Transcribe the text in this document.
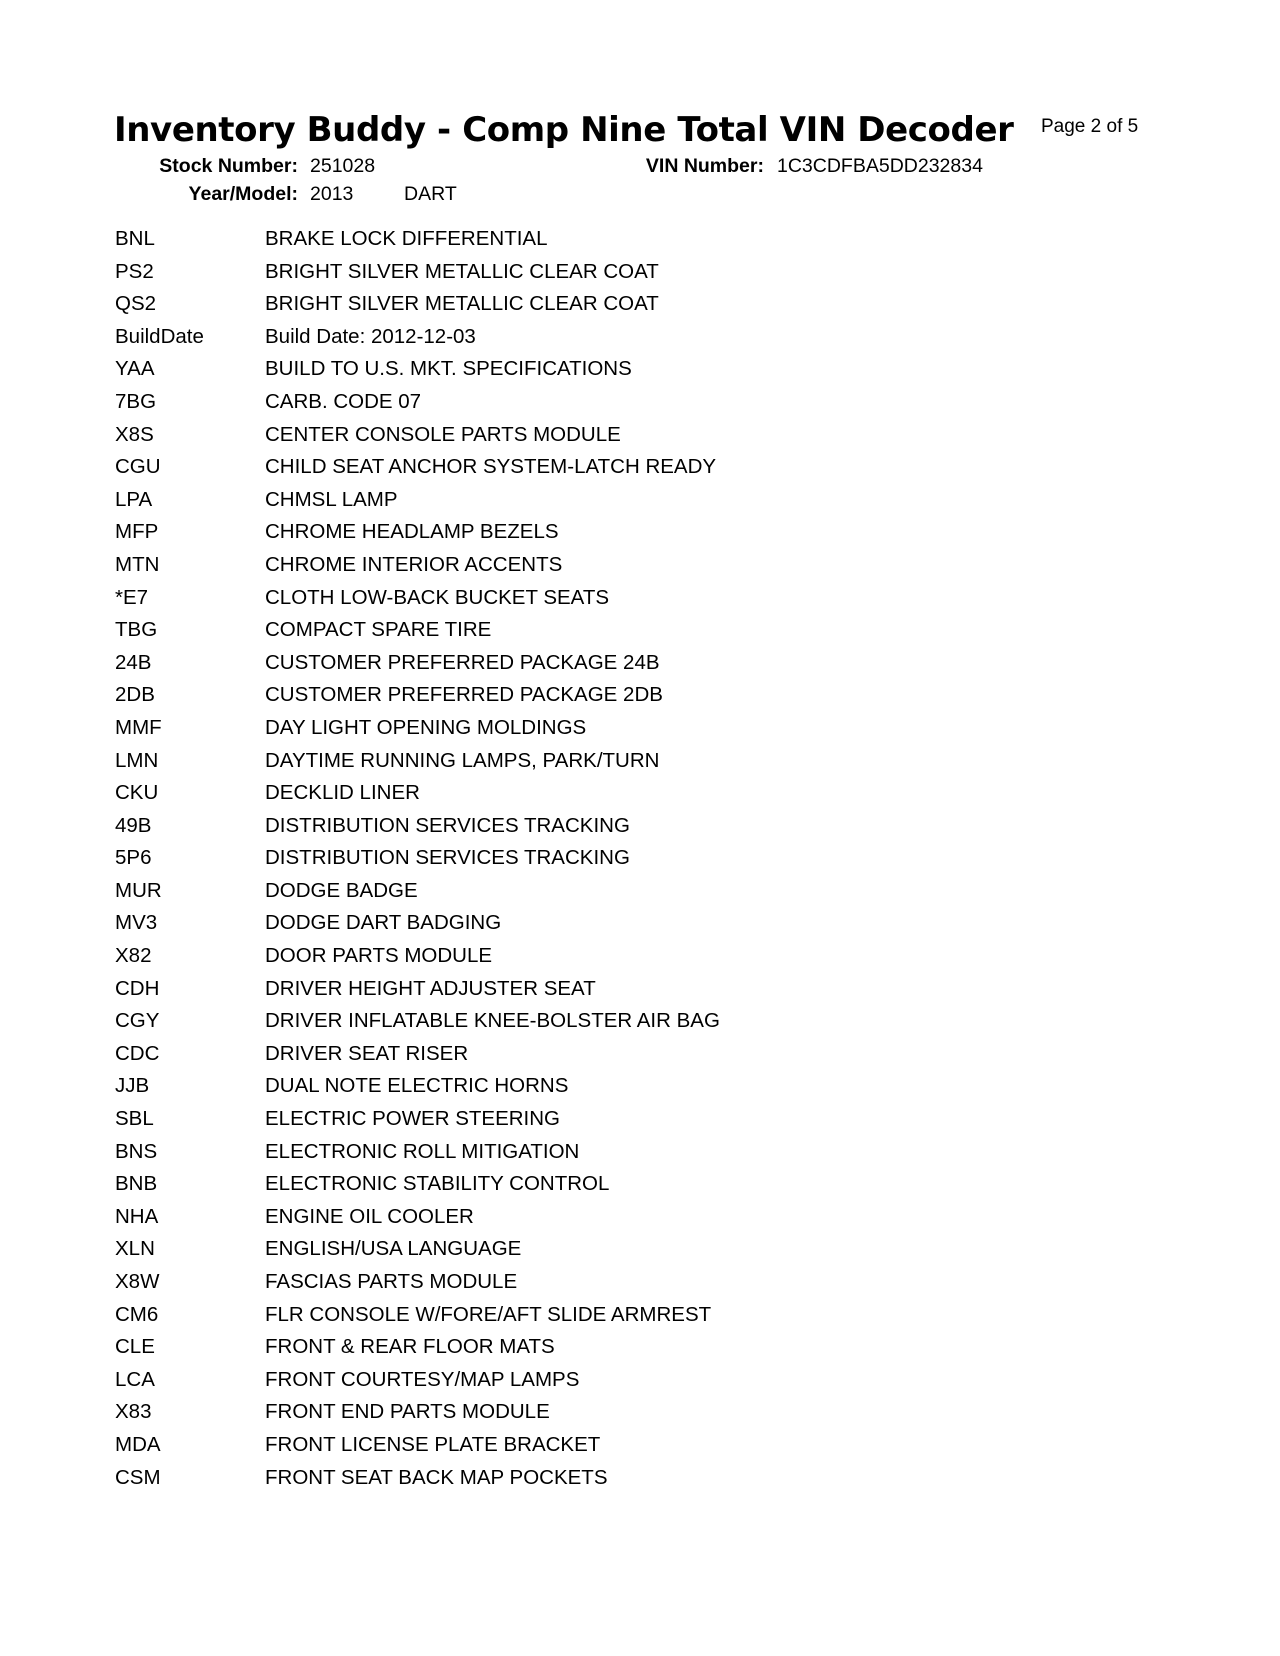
Inventory Buddy - Comp Nine Total VIN Decoder Page 2 of 5
Stock Number: 251028	VIN Number: 1C3CDFBA5DD232834
Year/Model: 2013	DART
BNL	BRAKE LOCK DIFFERENTIAL
PS2	BRIGHT SILVER METALLIC CLEAR COAT
QS2	BRIGHT SILVER METALLIC CLEAR COAT
BuildDate	Build Date: 2012-12-03
YAA	BUILD TO U.S. MKT. SPECIFICATIONS
7BG	CARB. CODE 07
X8S	CENTER CONSOLE PARTS MODULE
CGU	CHILD SEAT ANCHOR SYSTEM-LATCH READY
LPA	CHMSL LAMP
MFP	CHROME HEADLAMP BEZELS
MTN	CHROME INTERIOR ACCENTS
*E7	CLOTH LOW-BACK BUCKET SEATS
TBG	COMPACT SPARE TIRE
24B	CUSTOMER PREFERRED PACKAGE 24B
2DB	CUSTOMER PREFERRED PACKAGE 2DB
MMF	DAY LIGHT OPENING MOLDINGS
LMN	DAYTIME RUNNING LAMPS, PARK/TURN
CKU	DECKLID LINER
49B	DISTRIBUTION SERVICES TRACKING
5P6	DISTRIBUTION SERVICES TRACKING
MUR	DODGE BADGE
MV3	DODGE DART BADGING
X82	DOOR PARTS MODULE
CDH	DRIVER HEIGHT ADJUSTER SEAT
CGY	DRIVER INFLATABLE KNEE-BOLSTER AIR BAG
CDC	DRIVER SEAT RISER
JJB	DUAL NOTE ELECTRIC HORNS
SBL	ELECTRIC POWER STEERING
BNS	ELECTRONIC ROLL MITIGATION
BNB	ELECTRONIC STABILITY CONTROL
NHA	ENGINE OIL COOLER
XLN	ENGLISH/USA LANGUAGE
X8W	FASCIAS PARTS MODULE
CM6	FLR CONSOLE W/FORE/AFT SLIDE ARMREST
CLE	FRONT & REAR FLOOR MATS
LCA	FRONT COURTESY/MAP LAMPS
X83	FRONT END PARTS MODULE
MDA	FRONT LICENSE PLATE BRACKET
CSM	FRONT SEAT BACK MAP POCKETS
